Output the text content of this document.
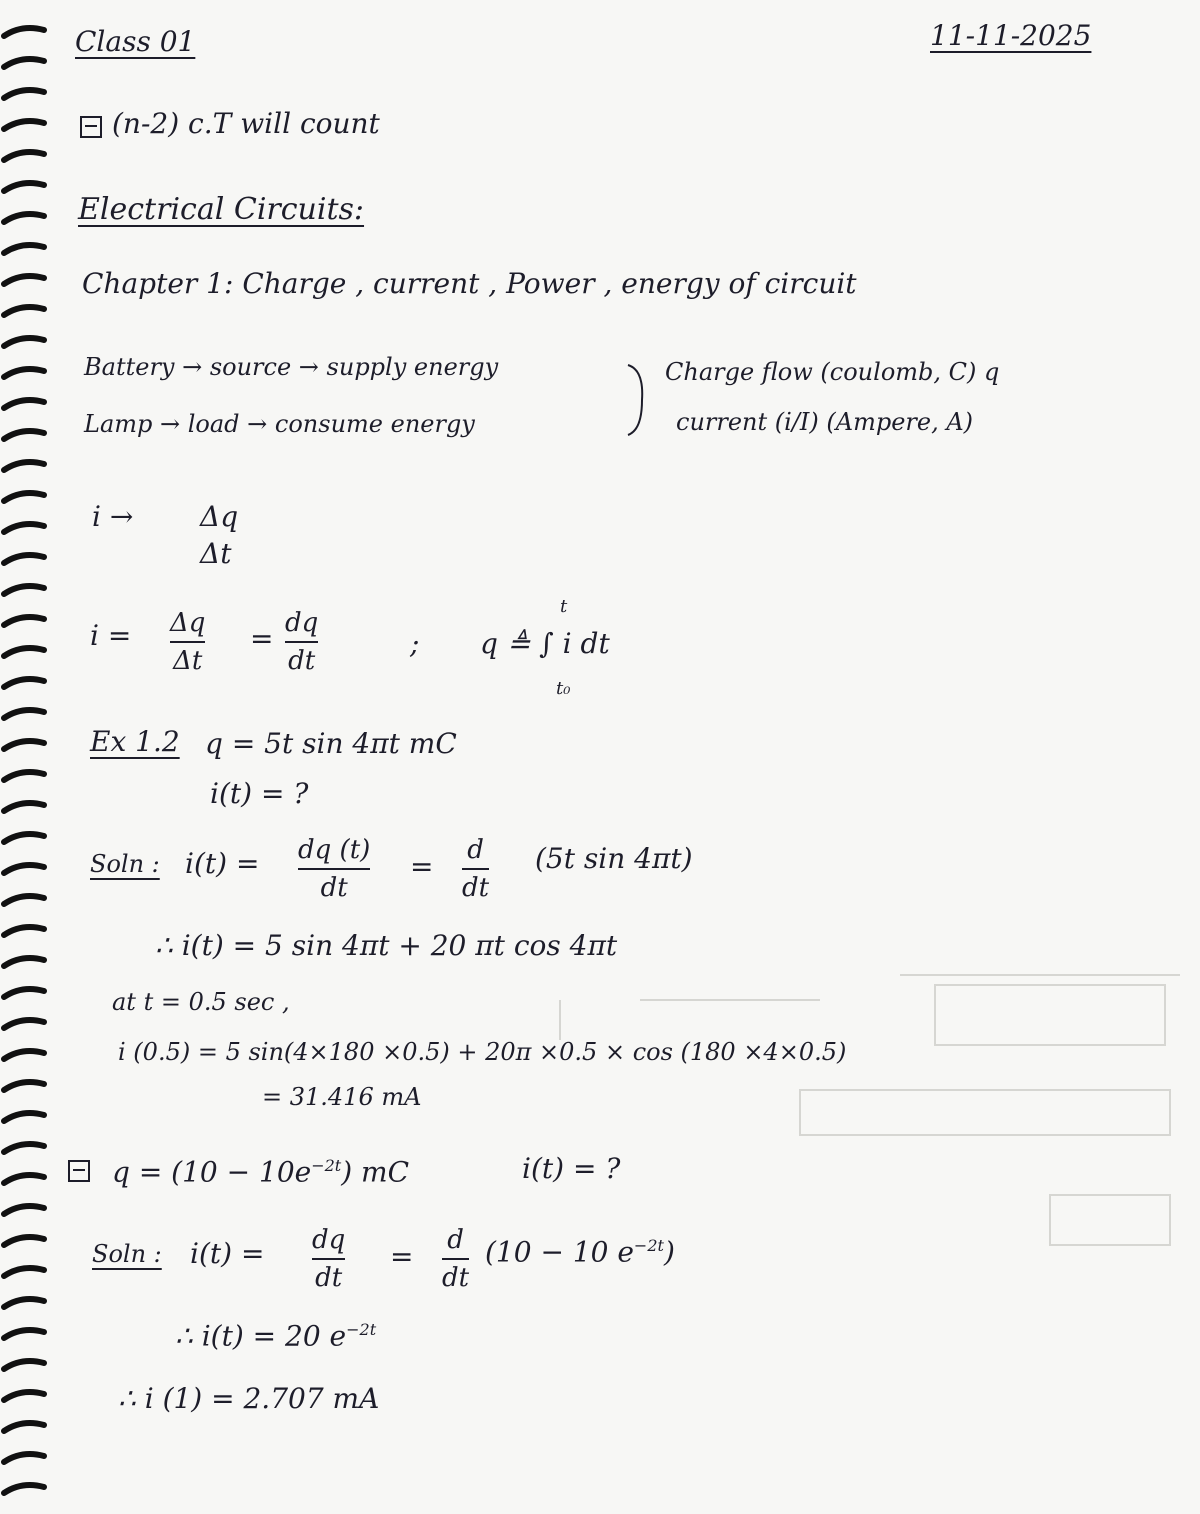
Class 01	11-11-2025
(n-2) c.T will count
Electrical Circuits:
Chapter 1: Charge , current , Power , energy of circuit
Battery → source → supply energy
Lamp → load → consume energy
Charge flow (coulomb, C) q
current (i/I) (Ampere, A)
i → Δq
Δt
i = Δq
Δt
= dq
dt
; q ≜ ∫ i dt
t
t₀
Ex 1.2 q = 5t sin 4πt mC
i(t) = ?
Soln : i(t) = dq (t)
dt
= d
dt
(5t sin 4πt)
∴ i(t) = 5 sin 4πt + 20 πt cos 4πt
at t = 0.5 sec ,
i (0.5) = 5 sin(4×180 ×0.5) + 20π ×0.5 × cos (180 ×4×0.5)
= 31.416 mA
$q = (10 - 10e^{-2t})$ mC	i(t) = ?
Soln : i(t) = dq
dt
= d
dt
(10 − 10 $e^{-2t}$)
∴ i(t) = 20 $e^{-2t}$
∴ i (1) = 2.707 mA
